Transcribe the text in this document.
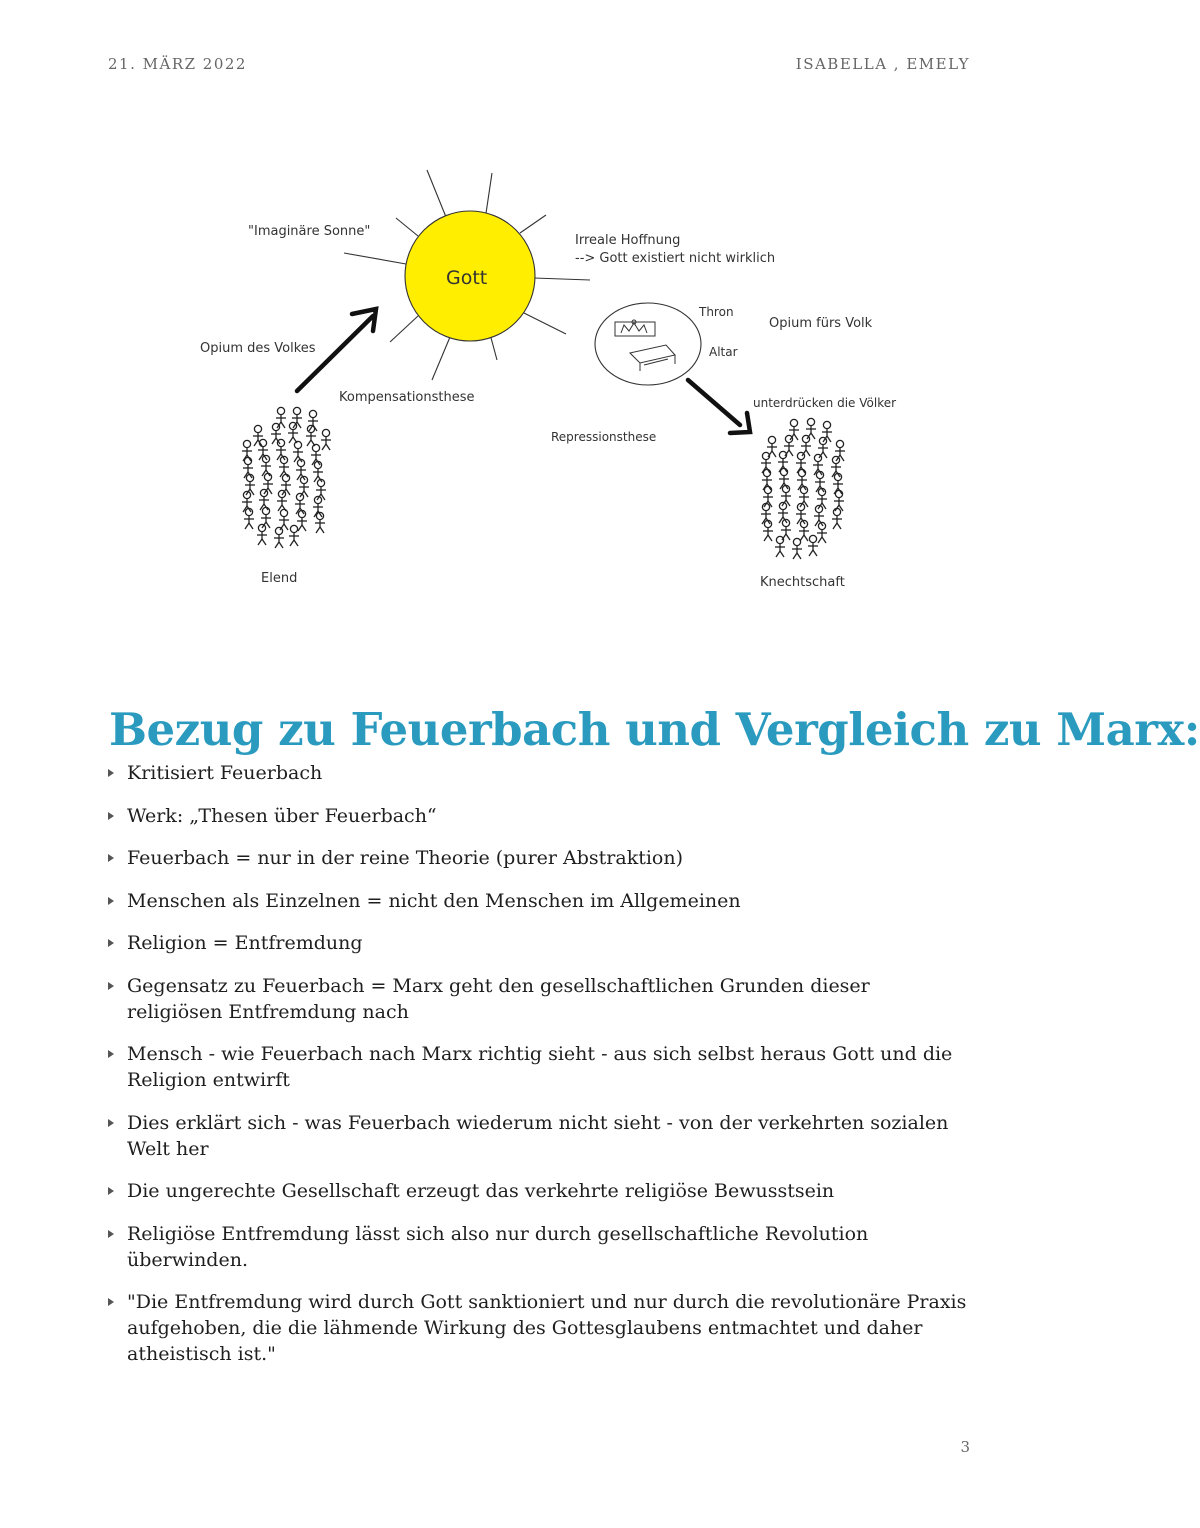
21. MÄRZ 2022	ISABELLA , EMELY
Gott
"Imaginäre Sonne"
Irreale Hoffnung
--> Gott existiert nicht wirklich
Opium des Volkes
Kompensationsthese
Thron
Altar
Opium fürs Volk
Repressionsthese
unterdrücken die Völker
Elend	Knechtschaft
Bezug zu Feuerbach und Vergleich zu Marx:
Kritisiert Feuerbach
Werk: „Thesen über Feuerbach“
Feuerbach = nur in der reine Theorie (purer Abstraktion)
Menschen als Einzelnen = nicht den Menschen im Allgemeinen
Religion = Entfremdung
Gegensatz zu Feuerbach = Marx geht den gesellschaftlichen Grunden dieser religiösen Entfremdung nach
Mensch - wie Feuerbach nach Marx richtig sieht - aus sich selbst heraus Gott und die Religion entwirft
Dies erklärt sich - was Feuerbach wiederum nicht sieht - von der verkehrten sozialen Welt her
Die ungerechte Gesellschaft erzeugt das verkehrte religiöse Bewusstsein
Religiöse Entfremdung lässt sich also nur durch gesellschaftliche Revolution überwinden.
"Die Entfremdung wird durch Gott sanktioniert und nur durch die revolutionäre Praxis aufgehoben, die die lähmende Wirkung des Gottesglaubens entmachtet und daher atheistisch ist."
3
